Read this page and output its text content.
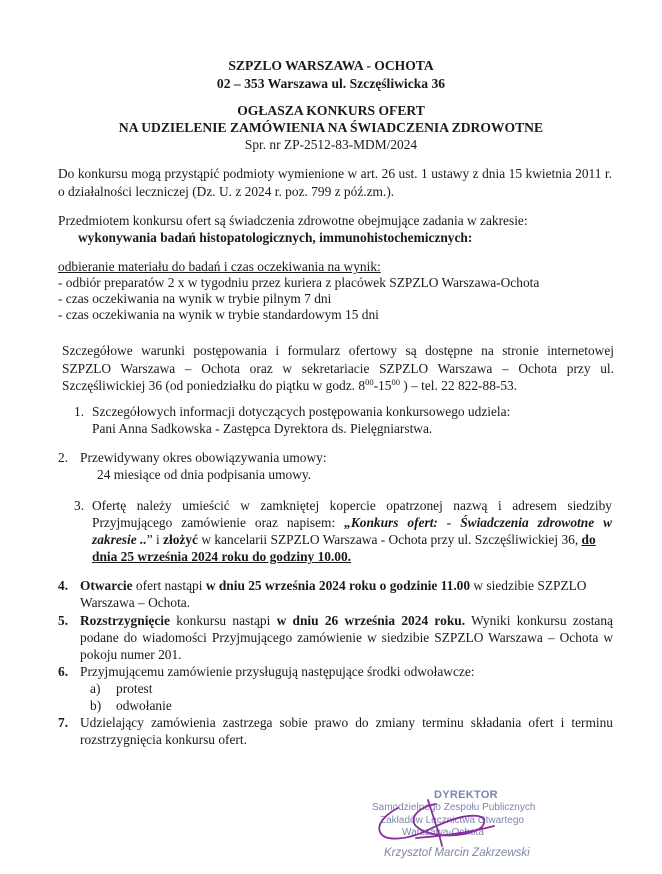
SZPZLO WARSZAWA - OCHOTA
02 – 353 Warszawa ul. Szczęśliwicka 36
OGŁASZA KONKURS OFERT
NA UDZIELENIE ZAMÓWIENIA NA ŚWIADCZENIA ZDROWOTNE
Spr. nr ZP-2512-83-MDM/2024
Do konkursu mogą przystąpić podmioty wymienione w art. 26 ust. 1 ustawy z dnia 15 kwietnia 2011 r.
o działalności leczniczej (Dz. U. z 2024 r. poz. 799 z póź.zm.).
Przedmiotem konkursu ofert są świadczenia zdrowotne obejmujące zadania w zakresie:
wykonywania badań histopatologicznych, immunohistochemicznych:
odbieranie materiału do badań i czas oczekiwania na wynik:
- odbiór preparatów 2 x w tygodniu przez kuriera z placówek SZPZLO Warszawa-Ochota
- czas oczekiwania na wynik w trybie pilnym 7 dni
- czas oczekiwania na wynik w trybie standardowym 15 dni
Szczegółowe warunki postępowania i formularz ofertowy są dostępne na stronie internetowej
SZPZLO Warszawa – Ochota oraz w sekretariacie SZPZLO Warszawa – Ochota przy ul.
Szczęśliwickiej 36 (od poniedziałku do piątku w godz. $8^{00}-15^{00}$ ) – tel. 22 822-88-53.
1. Szczegółowych informacji dotyczących postępowania konkursowego udziela:
Pani Anna Sadkowska - Zastępca Dyrektora ds. Pielęgniarstwa.
2. Przewidywany okres obowiązywania umowy:
24 miesiące od dnia podpisania umowy.
3. Ofertę należy umieścić w zamkniętej kopercie opatrzonej nazwą i adresem siedziby
Przyjmującego zamówienie oraz napisem: „Konkurs ofert: - Świadczenia zdrowotne w
zakresie ..” i złożyć w kancelarii SZPZLO Warszawa - Ochota przy ul. Szczęśliwickiej 36, do
dnia 25 września 2024 roku do godziny 10.00.
4. Otwarcie ofert nastąpi w dniu 25 września 2024 roku o godzinie 11.00 w siedzibie SZPZLO
Warszawa – Ochota.
5. Rozstrzygnięcie konkursu nastąpi w dniu 26 września 2024 roku. Wyniki konkursu zostaną
podane do wiadomości Przyjmującego zamówienie w siedzibie SZPZLO Warszawa – Ochota w
pokoju numer 201.
6. Przyjmującemu zamówienie przysługują następujące środki odwoławcze:
a) protest
b) odwołanie
7. Udzielający zamówienia zastrzega sobie prawo do zmiany terminu składania ofert i terminu
rozstrzygnięcia konkursu ofert.
DYREKTOR
Samodzielnego Zespołu Publicznych
Zakładów Lecznictwa Otwartego
Warszawa-Ochota
Krzysztof Marcin Zakrzewski
